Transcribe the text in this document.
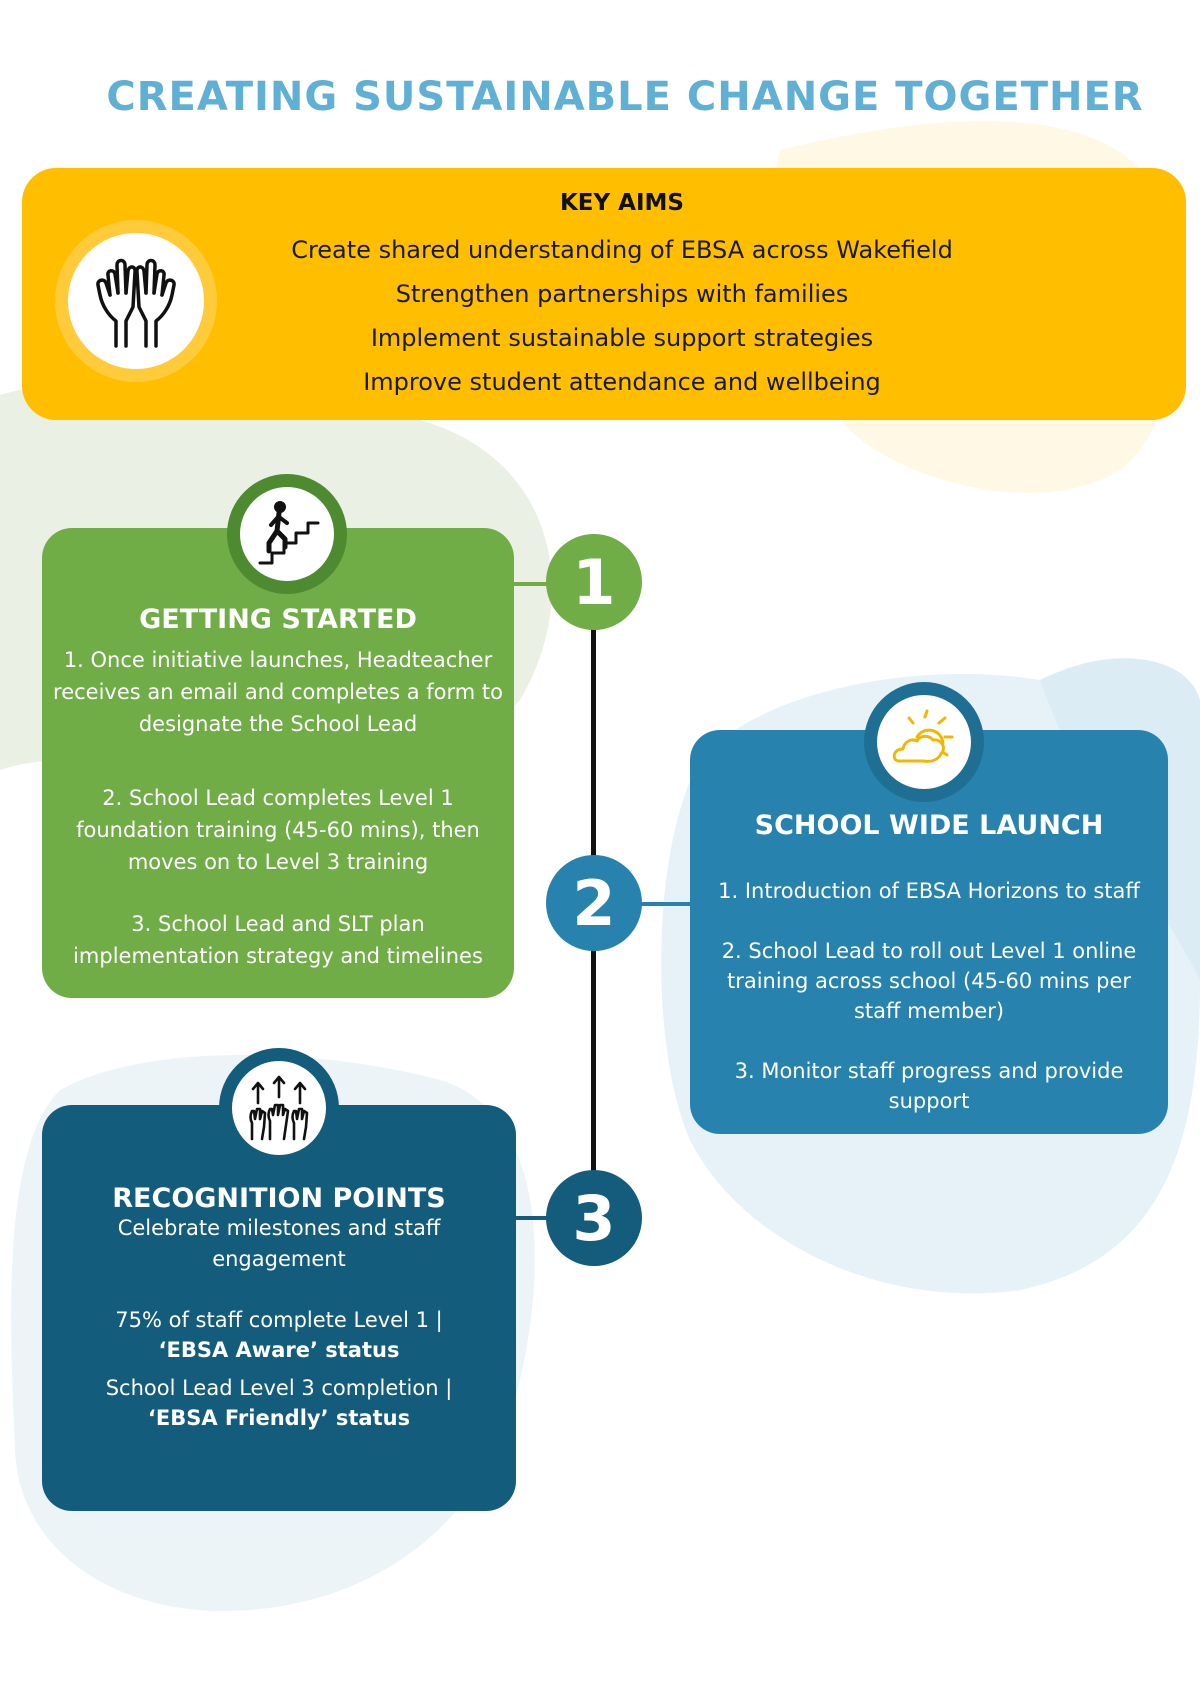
CREATING SUSTAINABLE CHANGE TOGETHER
KEY AIMS
Create shared understanding of EBSA across Wakefield
Strengthen partnerships with families
Implement sustainable support strategies
Improve student attendance and wellbeing
1
2
3
GETTING STARTED

1. Once initiative launches, Headteacher receives an email and completes a form to designate the School Lead

2. School Lead completes Level 1 foundation training (45-60 mins), then moves on to Level 3 training

3. School Lead and SLT plan implementation strategy and timelines

SCHOOL WIDE LAUNCH

1. Introduction of EBSA Horizons to staff

2. School Lead to roll out Level 1 online training across school (45-60 mins per staff member)

3. Monitor staff progress and provide support

RECOGNITION POINTS

Celebrate milestones and staff engagement

75% of staff complete Level 1 |
‘EBSA Aware’ status

School Lead Level 3 completion |
‘EBSA Friendly’ status
